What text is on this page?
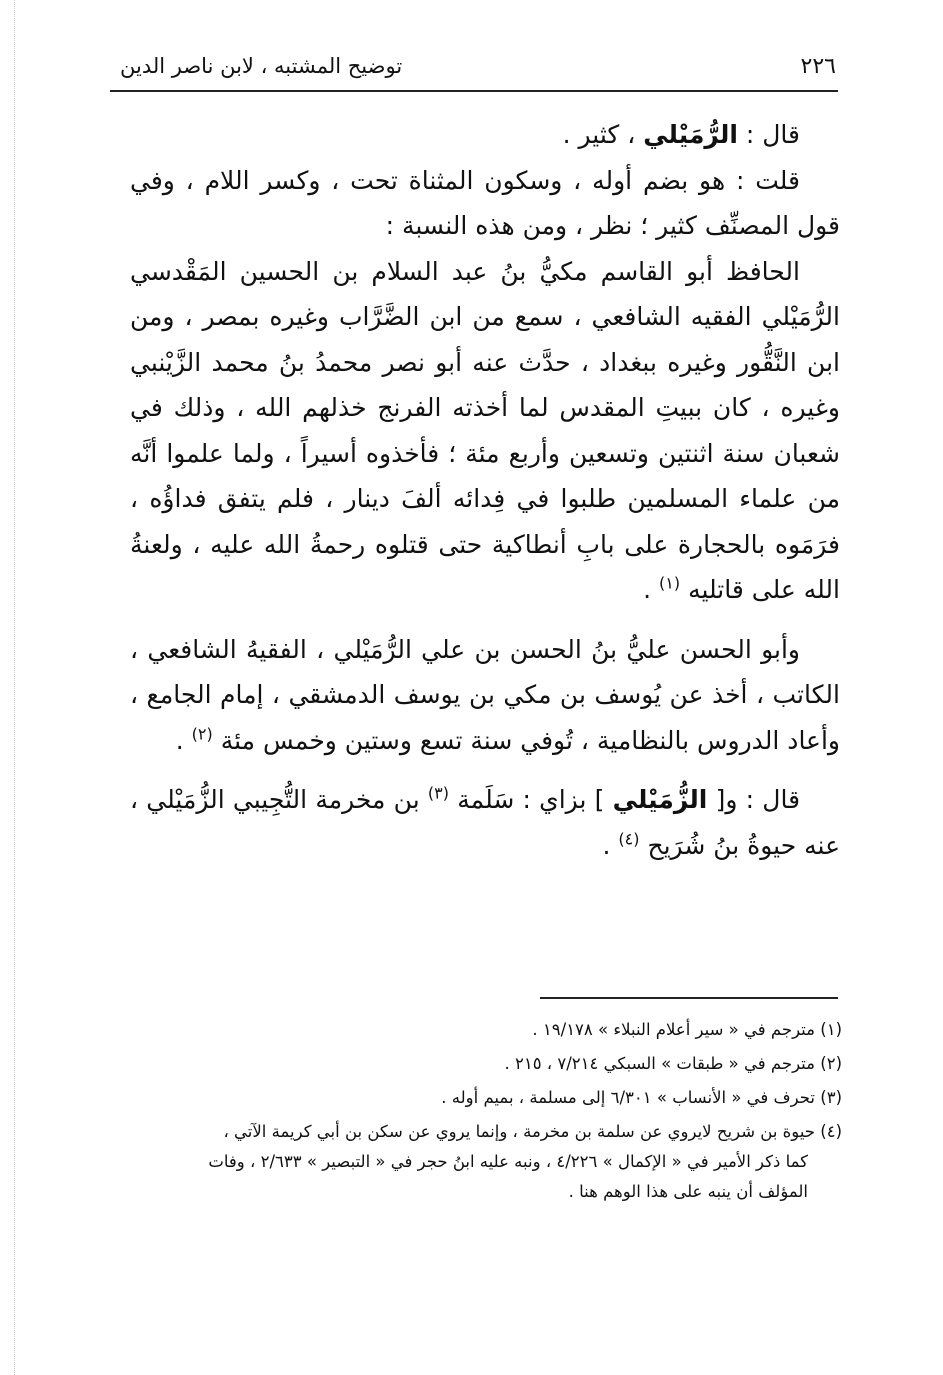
٢٢٦
توضيح المشتبه ، لابن ناصر الدين

قال : الرُّمَيْلي ، كثير .

قلت : هو بضم أوله ، وسكون المثناة تحت ، وكسر اللام ، وفي قول المصنِّف كثير ؛ نظر ، ومن هذه النسبة :

الحافظ أبو القاسم مكيُّ بنُ عبد السلام بن الحسين المَقْدسي الرُّمَيْلي الفقيه الشافعي ، سمع من ابن الضَّرَّاب وغيره بمصر ، ومن ابن النَّقُّور وغيره ببغداد ، حدَّث عنه أبو نصر محمدُ بنُ محمد الزَّيْنبي وغيره ، كان ببيتِ المقدس لما أخذته الفرنج خذلهم الله ، وذلك في شعبان سنة اثنتين وتسعين وأربع مئة ؛ فأخذوه أسيراً ، ولما علموا أنَّه من علماء المسلمين طلبوا في فِدائه ألفَ دينار ، فلم يتفق فداؤُه ، فرَمَوه بالحجارة على بابِ أنطاكية حتى قتلوه رحمةُ الله عليه ، ولعنةُ الله على قاتليه $^{(١)}$ .

وأبو الحسن عليُّ بنُ الحسن بن علي الرُّمَيْلي ، الفقيهُ الشافعي ، الكاتب ، أخذ عن يُوسف بن مكي بن يوسف الدمشقي ، إمام الجامع ، وأعاد الدروس بالنظامية ، تُوفي سنة تسع وستين وخمس مئة $^{(٢)}$ .

قال : و[ الزُّمَيْلي ] بزاي : سَلَمة $^{(٣)}$ بن مخرمة التُّجِيبي الزُّمَيْلي ، عنه حيوةُ بنُ شُرَيح $^{(٤)}$ .

(١) مترجم في « سير أعلام النبلاء » ١٩/١٧٨ .

(٢) مترجم في « طبقات » السبكي ٧/٢١٤ ، ٢١٥ .

(٣) تحرف في « الأنساب » ٦/٣٠١ إلى مسلمة ، بميم أوله .

(٤) حيوة بن شريح لايروي عن سلمة بن مخرمة ، وإنما يروي عن سكن بن أبي كريمة الآتي ،

كما ذكر الأمير في « الإكمال » ٤/٢٢٦ ، ونبه عليه ابنُ حجر في « التبصير » ٢/٦٣٣ ، وفات

المؤلف أن ينبه على هذا الوهم هنا .
